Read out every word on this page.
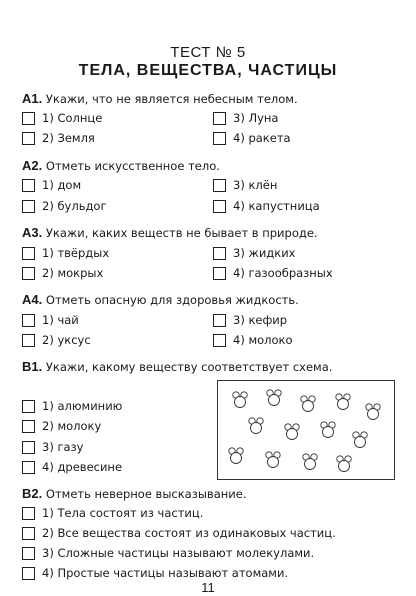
ТЕСТ № 5
ТЕЛА, ВЕЩЕСТВА, ЧАСТИЦЫ
А1. Укажи, что не является небесным телом.
1) Солнце	3) Луна
2) Земля	4) ракета
А2. Отметь искусственное тело.
1) дом	3) клён
2) бульдог	4) капустница
А3. Укажи, каких веществ не бывает в природе.
1) твёрдых	3) жидких
2) мокрых	4) газообразных
А4. Отметь опасную для здоровья жидкость.
1) чай	3) кефир
2) уксус	4) молоко
В1. Укажи, какому веществу соответствует схема.
1) алюминию
2) молоку
3) газу
4) древесине
В2. Отметь неверное высказывание.
1) Тела состоят из частиц.
2) Все вещества состоят из одинаковых частиц.
3) Сложные частицы называют молекулами.
4) Простые частицы называют атомами.
11
